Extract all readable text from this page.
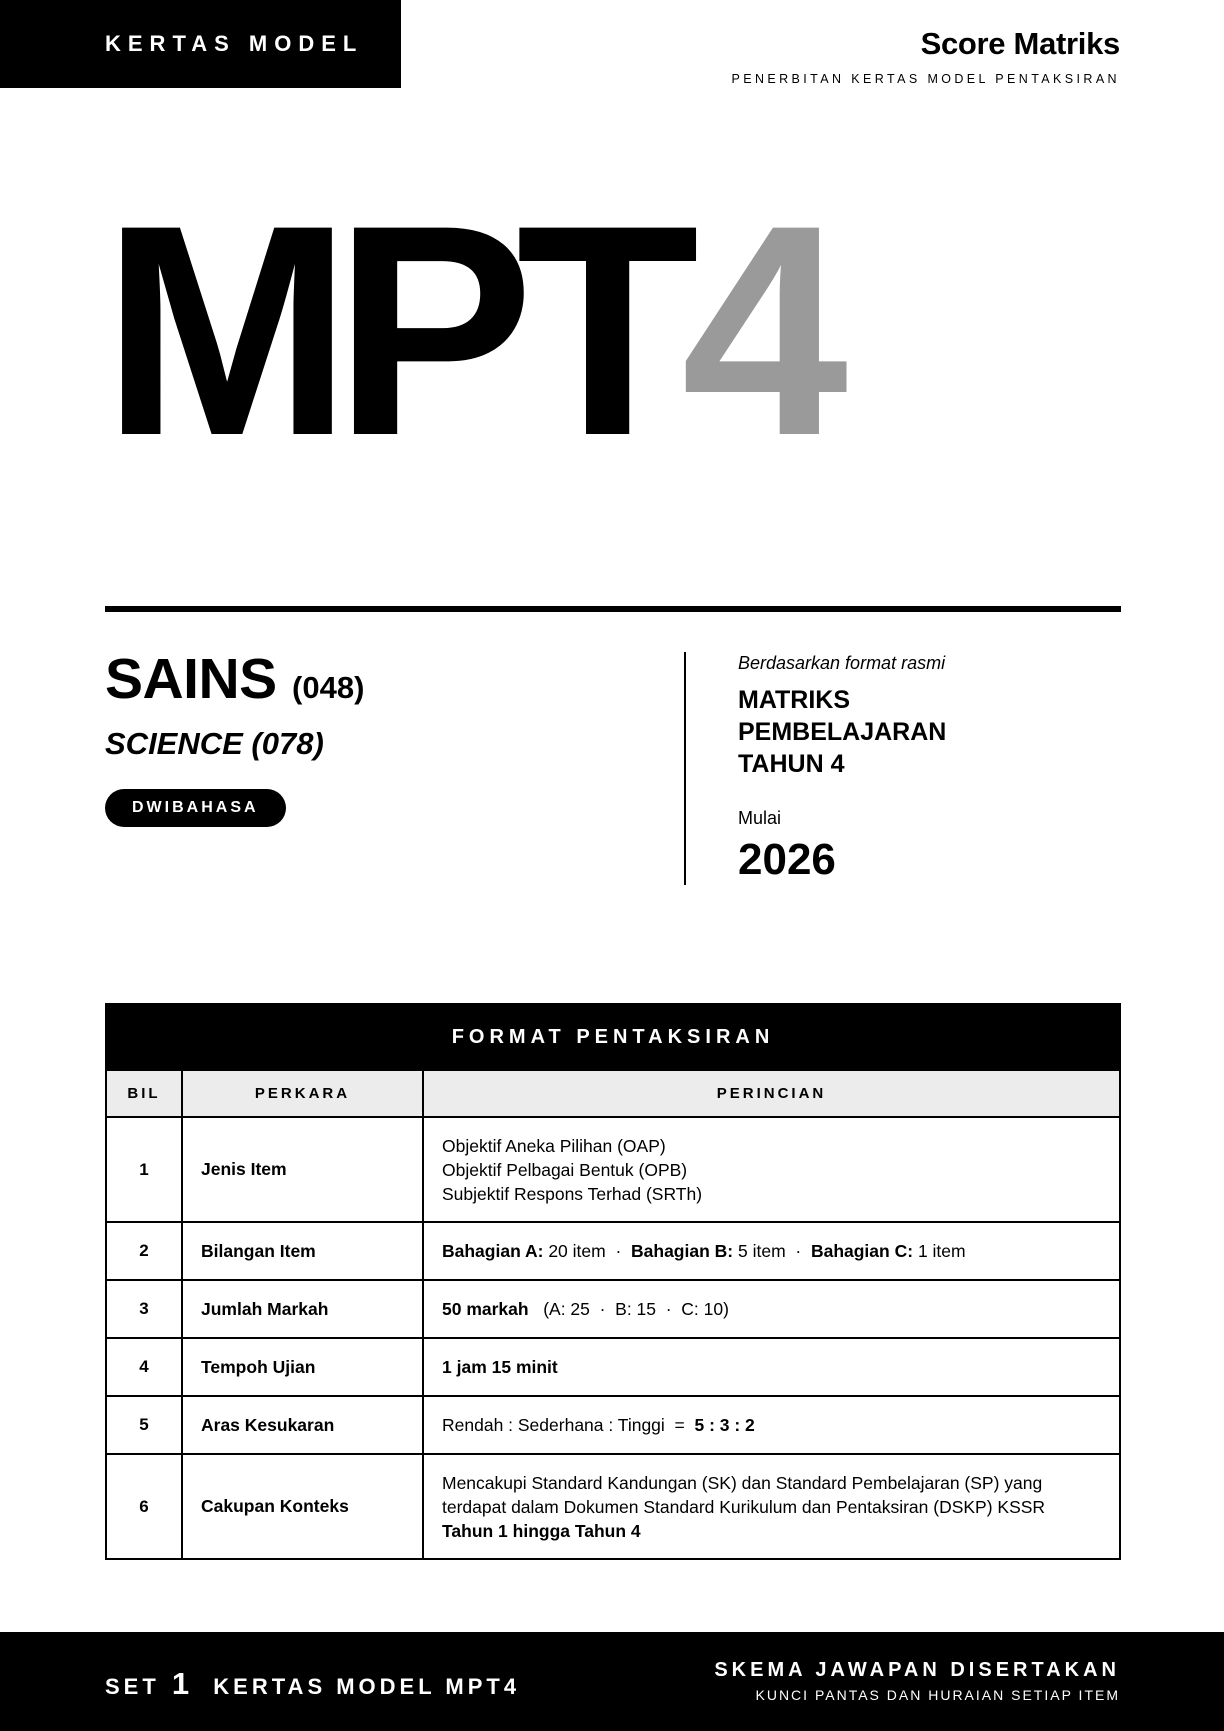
KERTAS MODEL	Score Matriks
PENERBITAN KERTAS MODEL PENTAKSIRAN
MPT4
SAINS (048)
SCIENCE (078)
DWIBAHASA
Berdasarkan format rasmi
MATRIKS
PEMBELAJARAN
TAHUN 4
Mulai
2026
FORMAT PENTAKSIRAN		
BIL	PERKARA	PERINCIAN
1	Jenis Item	Objektif Aneka Pilihan (OAP)
Objektif Pelbagai Bentuk (OPB)
Subjektif Respons Terhad (SRTh)

2	Bilangan Item	Bahagian A: 20 item · Bahagian B: 5 item · Bahagian C: 1 item
3	Jumlah Markah	50 markah (A: 25  ·  B: 15  ·  C: 10)
4	Tempoh Ujian	1 jam 15 minit
5	Aras Kesukaran	Rendah : Sederhana : Tinggi  = 5 : 3 : 2
6	Cakupan Konteks	Mencakupi Standard Kandungan (SK) dan Standard Pembelajaran (SP) yang
terdapat dalam Dokumen Standard Kurikulum dan Pentaksiran (DSKP) KSSR
Tahun 1 hingga Tahun 4
SET 1 KERTAS MODEL MPT4
SKEMA JAWAPAN DISERTAKAN
KUNCI PANTAS DAN HURAIAN SETIAP ITEM
